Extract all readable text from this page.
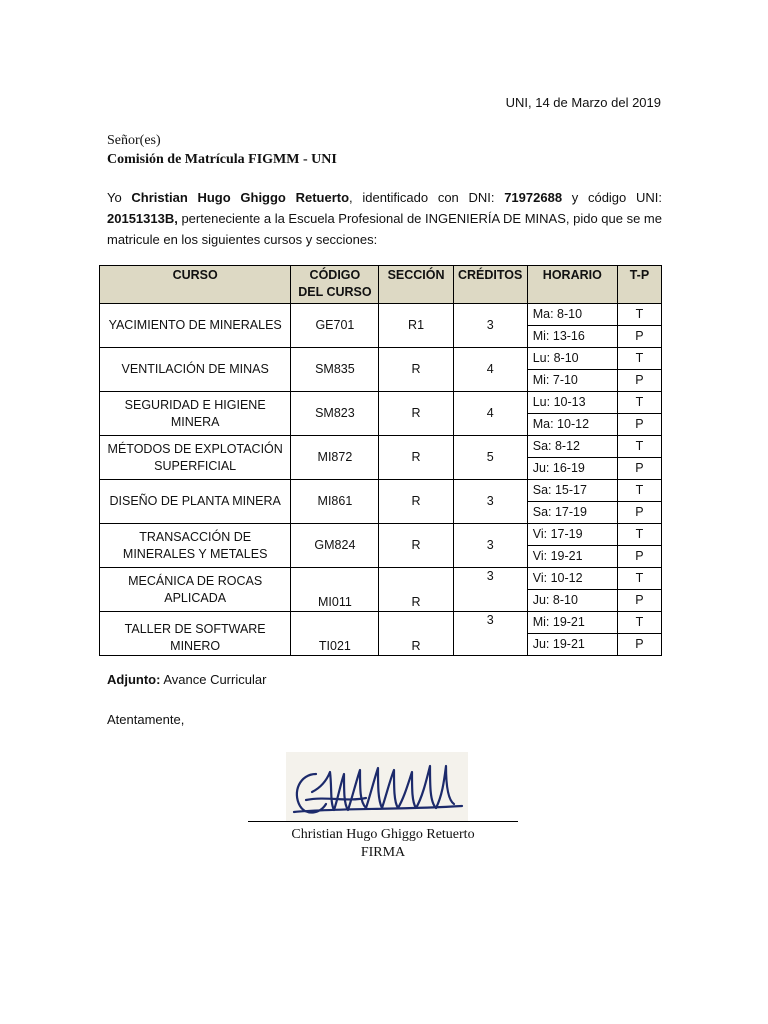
UNI, 14 de Marzo del 2019
Señor(es)
Comisión de Matrícula FIGMM - UNI
Yo Christian Hugo Ghiggo Retuerto, identificado con DNI: 71972688 y código UNI: 20151313B, perteneciente a la Escuela Profesional de INGENIERÍA DE MINAS, pido que se me matricule en los siguientes cursos y secciones:
CURSO	CÓDIGO DEL CURSO	SECCIÓN	CRÉDITOS	HORARIO	T-P
YACIMIENTO DE MINERALES	GE701	R1	3	Ma: 8-10	T
				Mi: 13-16	P
VENTILACIÓN DE MINAS	SM835	R	4	Lu: 8-10	T
				Mi: 7-10	P
SEGURIDAD E HIGIENE MINERA	SM823	R	4	Lu: 10-13	T
				Ma: 10-12	P
MÉTODOS DE EXPLOTACIÓN SUPERFICIAL	MI872	R	5	Sa: 8-12	T
				Ju: 16-19	P
DISEÑO DE PLANTA MINERA	MI861	R	3	Sa: 15-17	T
				Sa: 17-19	P
TRANSACCIÓN DE MINERALES Y METALES	GM824	R	3	Vi: 17-19	T
				Vi: 19-21	P
MECÁNICA DE ROCAS APLICADA	MI011	R	3	Vi: 10-12	T
				Ju: 8-10	P
TALLER DE SOFTWARE MINERO	TI021	R	3	Mi: 19-21	T
				Ju: 19-21	P
Adjunto: Avance Curricular
Atentamente,
Christian Hugo Ghiggo Retuerto
FIRMA
